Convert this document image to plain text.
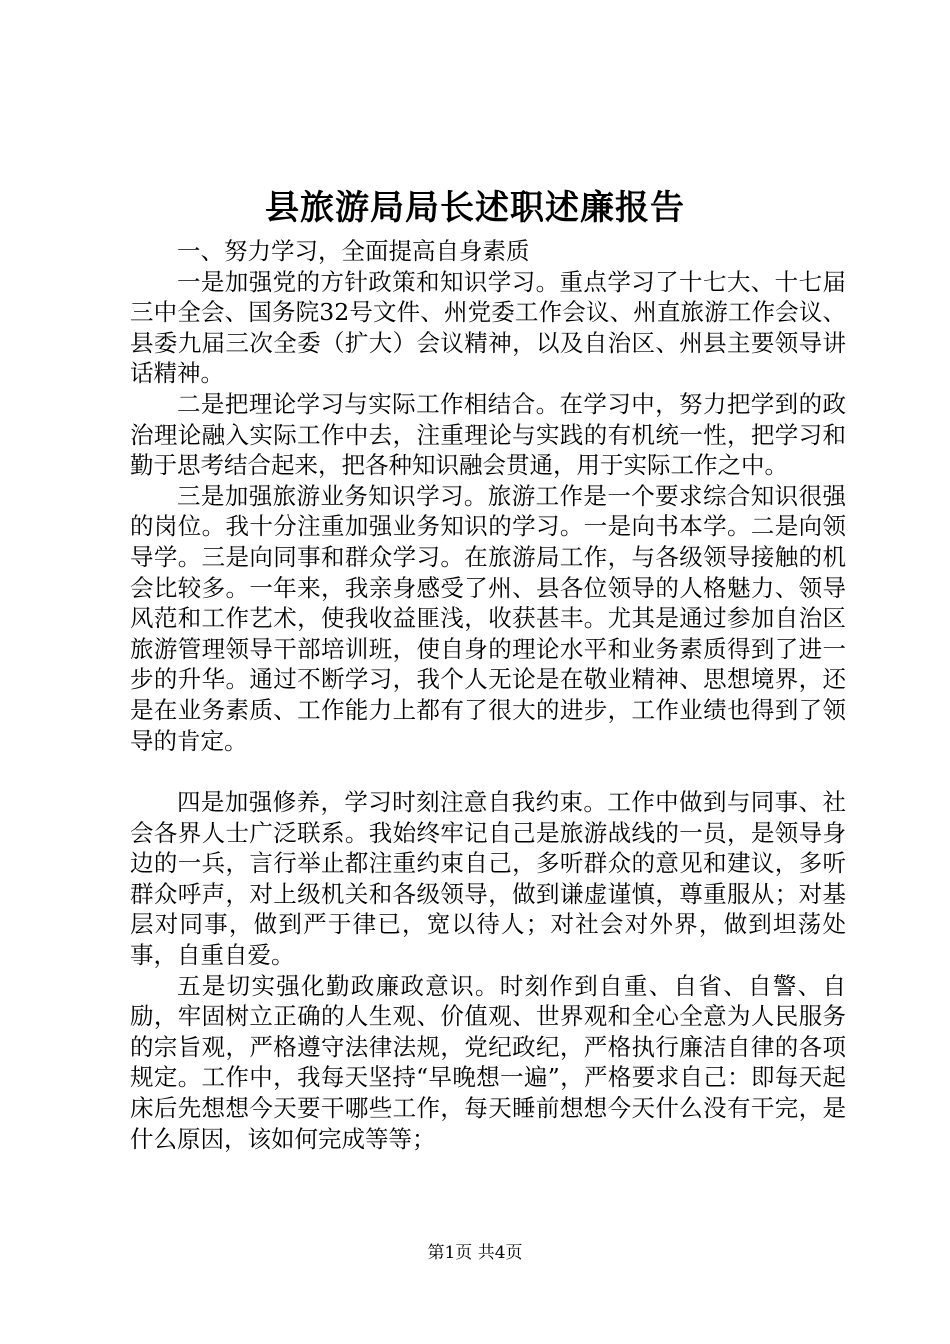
县旅游局局长述职述廉报告

一、努力学习，全面提高自身素质

一是加强党的方针政策和知识学习。重点学习了十七大、十七届三中全会、国务院32号文件、州党委工作会议、州直旅游工作会议、县委九届三次全委（扩大）会议精神，以及自治区、州县主要领导讲话精神。

二是把理论学习与实际工作相结合。在学习中，努力把学到的政治理论融入实际工作中去，注重理论与实践的有机统一性，把学习和勤于思考结合起来，把各种知识融会贯通，用于实际工作之中。

三是加强旅游业务知识学习。旅游工作是一个要求综合知识很强的岗位。我十分注重加强业务知识的学习。一是向书本学。二是向领导学。三是向同事和群众学习。在旅游局工作，与各级领导接触的机会比较多。一年来，我亲身感受了州、县各位领导的人格魅力、领导风范和工作艺术，使我收益匪浅，收获甚丰。尤其是通过参加自治区旅游管理领导干部培训班，使自身的理论水平和业务素质得到了进一步的升华。通过不断学习，我个人无论是在敬业精神、思想境界，还是在业务素质、工作能力上都有了很大的进步，工作业绩也得到了领导的肯定。

四是加强修养，学习时刻注意自我约束。工作中做到与同事、社会各界人士广泛联系。我始终牢记自己是旅游战线的一员，是领导身边的一兵，言行举止都注重约束自己，多听群众的意见和建议，多听群众呼声，对上级机关和各级领导，做到谦虚谨慎，尊重服从；对基层对同事，做到严于律已，宽以待人；对社会对外界，做到坦荡处事，自重自爱。

五是切实强化勤政廉政意识。时刻作到自重、自省、自警、自励，牢固树立正确的人生观、价值观、世界观和全心全意为人民服务的宗旨观，严格遵守法律法规，党纪政纪，严格执行廉洁自律的各项规定。工作中，我每天坚持“早晚想一遍”，严格要求自己：即每天起床后先想想今天要干哪些工作，每天睡前想想今天什么没有干完，是什么原因，该如何完成等等；

第1页 共4页
